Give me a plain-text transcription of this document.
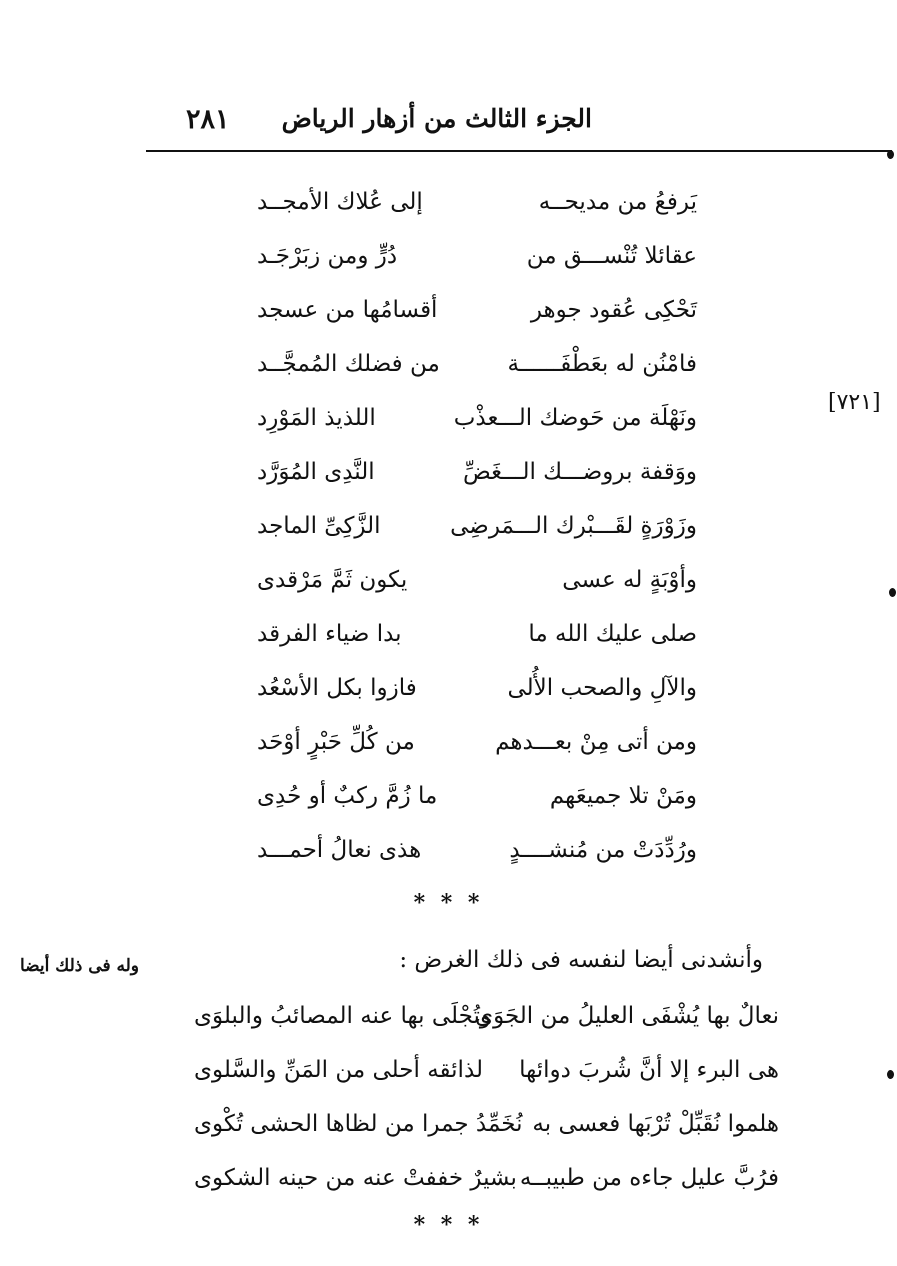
الجزء الثالث من أزهار الرياض
٢٨١
[٧٢١]
يَرفعُ من مديحــه
إلى عُلاك الأمجــد
عقائلا تُنْســـق من
دُرٍّ ومن زبَرْجَـد
تَحْكِى عُقود جوهر
أقسامُها من عسجد
فامْنُن له بعَطْفَــــــة
من فضلك المُمجَّــد
ونَهْلَة من حَوضك الـــعذْب
اللذيذ المَوْرِد
ووَقفة بروضـــك الـــغَضِّ
النَّدِى المُوَرَّد
وزَوْرَةٍ لقَـــبْرك الـــمَرضِى
الزَّكِىِّ الماجد
وأوْبَةٍ له عسى
يكون ثَمَّ مَرْقدى
صلى عليك الله ما
بدا ضياء الفرقد
والآلِ والصحب الأُلى
فازوا بكل الأسْعُد
ومن أتى مِنْ بعـــدهم
من كُلِّ حَبْرٍ أوْحَد
ومَنْ تلا جميعَهم
ما زُمَّ ركبٌ أو حُدِى
ورُدِّدَتْ من مُنشــــدٍ
هذى نعالُ أحمـــد
* * *
وله فى ذلك أيضا	وأنشدنى أيضا لنفسه فى ذلك الغرض :
نعالٌ بها يُشْفَى العليلُ من الجَوَى
وتُجْلَى بها عنه المصائبُ والبلوَى
هى البرء إلا أنَّ شُربَ دوائها
لذائقه أحلى من المَنِّ والسَّلوى
هلموا نُقَبِّلْ تُرْبَها فعسى به
نُخَمِّدُ جمرا من لظاها الحشى تُكْوى
فرُبَّ عليل جاءه من طبيبــه
بشيرٌ خففتْ عنه من حينه الشكوى
* * *
